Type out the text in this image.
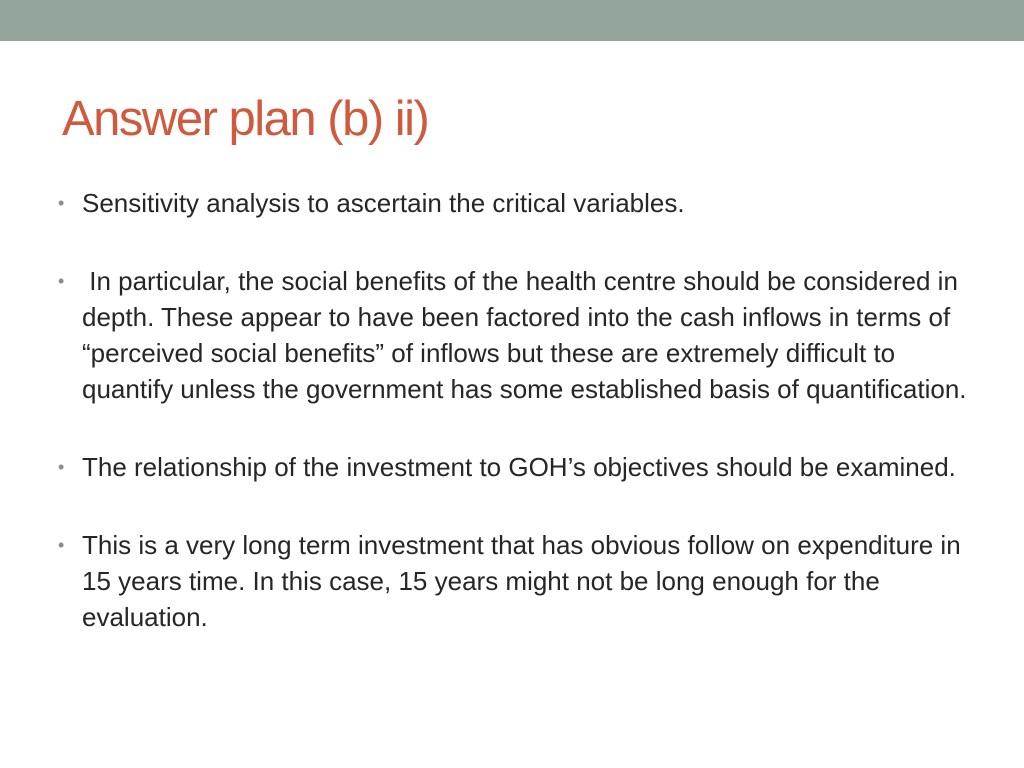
Answer plan (b) ii)
• Sensitivity analysis to ascertain the critical variables.
• In particular, the social benefits of the health centre should be considered in depth. These appear to have been factored into the cash inflows in terms of “perceived social benefits” of inflows but these are extremely difficult to quantify unless the government has some established basis of quantification.
• The relationship of the investment to GOH’s objectives should be examined.
• This is a very long term investment that has obvious follow on expenditure in 15 years time. In this case, 15 years might not be long enough for the evaluation.
